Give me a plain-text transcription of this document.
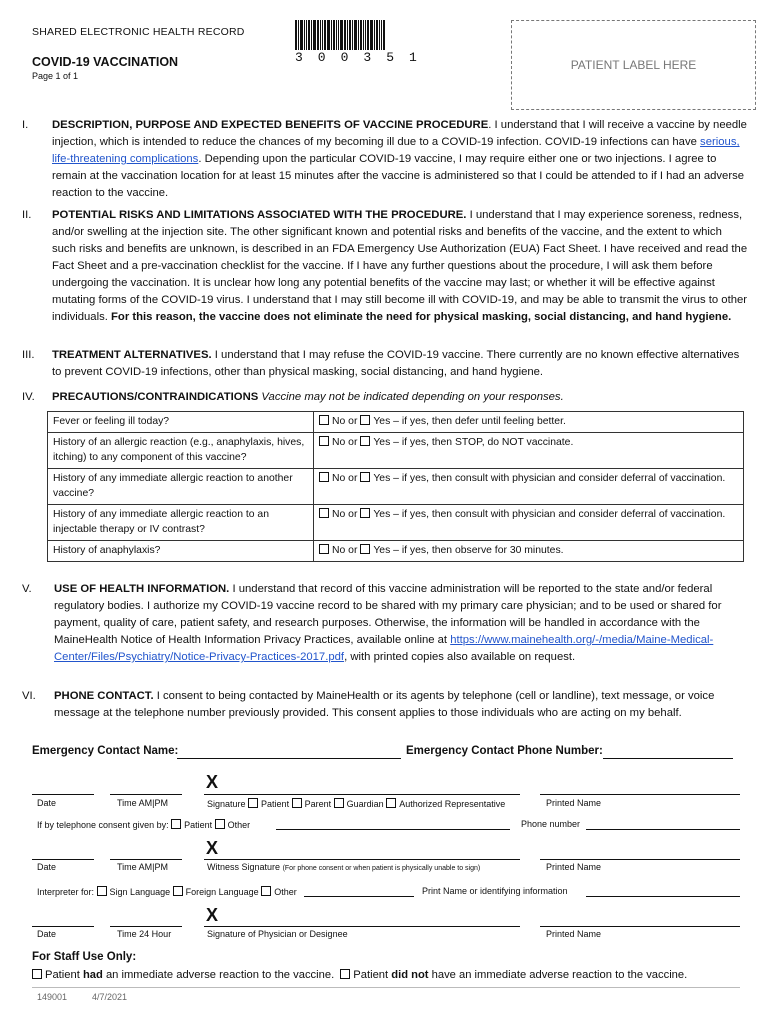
SHARED ELECTRONIC HEALTH RECORD
COVID-19 VACCINATION
Page 1 of 1
300351	PATIENT LABEL HERE
I.	DESCRIPTION, PURPOSE AND EXPECTED BENEFITS OF VACCINE PROCEDURE. I understand that I will receive a vaccine by needle injection, which is intended to reduce the chances of my becoming ill due to a COVID-19 infection. COVID-19 infections can have serious, life-threatening complications. Depending upon the particular COVID-19 vaccine, I may require either one or two injections. I agree to remain at the vaccination location for at least 15 minutes after the vaccine is administered so that I could be attended to if I had an adverse reaction to the vaccine.
II.	POTENTIAL RISKS AND LIMITATIONS ASSOCIATED WITH THE PROCEDURE. I understand that I may experience soreness, redness, and/or swelling at the injection site. The other significant known and potential risks and benefits of the vaccine, and the extent to which such risks and benefits are unknown, is described in an FDA Emergency Use Authorization (EUA) Fact Sheet. I have received and read the Fact Sheet and a pre-vaccination checklist for the vaccine. If I have any further questions about the procedure, I will ask them before undergoing the vaccination. It is unclear how long any potential benefits of the vaccine may last; or whether it will be effective against mutating forms of the COVID-19 virus. I understand that I may still become ill with COVID-19, and may be able to transmit the virus to other individuals. For this reason, the vaccine does not eliminate the need for physical masking, social distancing, and hand hygiene.
III.	TREATMENT ALTERNATIVES. I understand that I may refuse the COVID-19 vaccine. There currently are no known effective alternatives to prevent COVID-19 infections, other than physical masking, social distancing, and hand hygiene.
IV.	PRECAUTIONS/CONTRAINDICATIONS Vaccine may not be indicated depending on your responses.
Fever or feeling ill today?	No or Yes – if yes, then defer until feeling better.
History of an allergic reaction (e.g., anaphylaxis, hives, itching) to any component of this vaccine?	No or Yes – if yes, then STOP, do NOT vaccinate.
History of any immediate allergic reaction to another vaccine?	No or Yes – if yes, then consult with physician and consider deferral of vaccination.
History of any immediate allergic reaction to an injectable therapy or IV contrast?	No or Yes – if yes, then consult with physician and consider deferral of vaccination.
History of anaphylaxis?	No or Yes – if yes, then observe for 30 minutes.
V.	USE OF HEALTH INFORMATION. I understand that record of this vaccine administration will be reported to the state and/or federal regulatory bodies. I authorize my COVID-19 vaccine record to be shared with my primary care physician; and to be used or shared for payment, quality of care, patient safety, and research purposes. Otherwise, the information will be handled in accordance with the MaineHealth Notice of Health Information Privacy Practices, available online at https://www.mainehealth.org/-/media/Maine-Medical-Center/Files/Psychiatry/Notice-Privacy-Practices-2017.pdf, with printed copies also available on request.
VI.	PHONE CONTACT. I consent to being contacted by MaineHealth or its agents by telephone (cell or landline), text message, or voice message at the telephone number previously provided. This consent applies to those individuals who are acting on my behalf.
Emergency Contact Name:	Emergency Contact Phone Number:
X
Date	Time AM|PM	Signature Patient Parent Guardian Authorized Representative	Printed Name
If by telephone consent given by: Patient Other	Phone number
X
Date	Time AM|PM	Witness Signature (For phone consent or when patient is physically unable to sign)	Printed Name
Interpreter for: Sign Language Foreign Language Other	Print Name or identifying information
X
Date	Time 24 Hour	Signature of Physician or Designee	Printed Name
For Staff Use Only:
Patient had an immediate adverse reaction to the vaccine. Patient did not have an immediate adverse reaction to the vaccine.
149001	4/7/2021
